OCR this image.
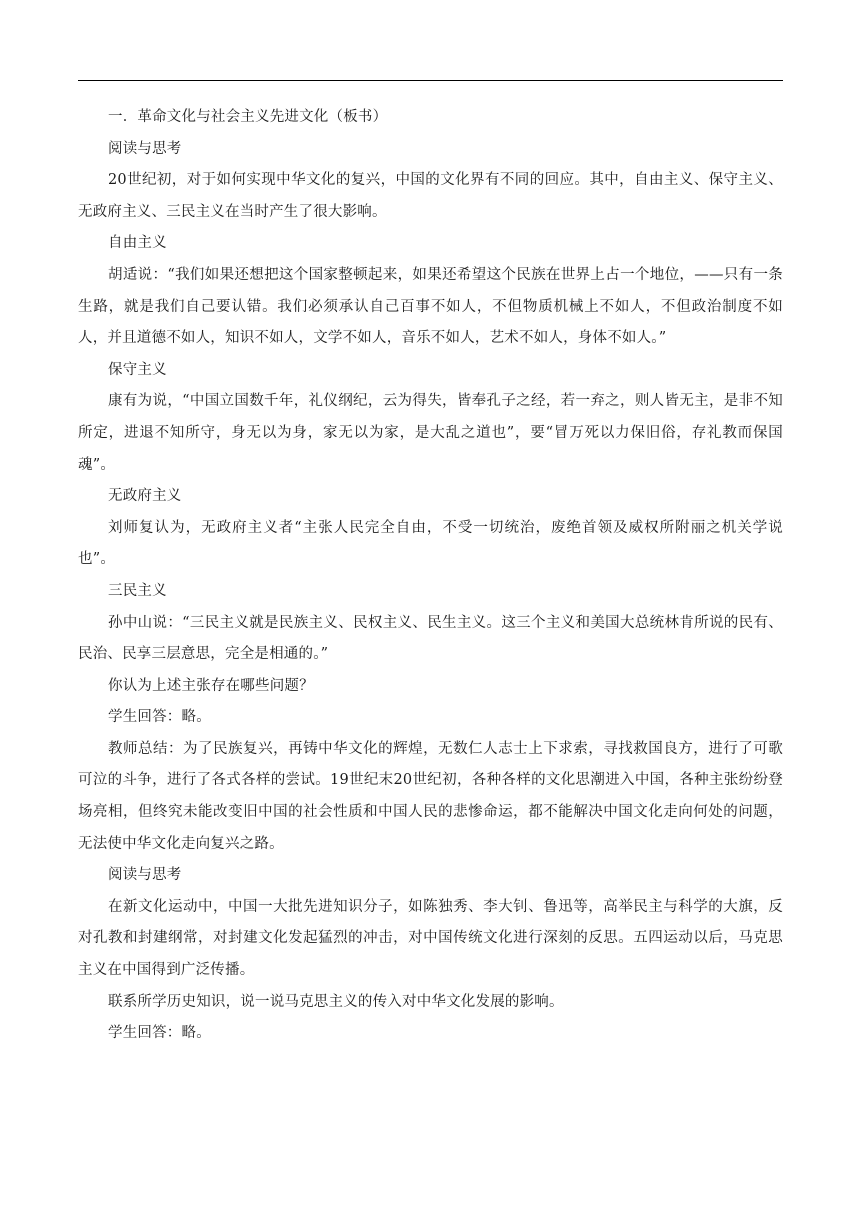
一．革命文化与社会主义先进文化（板书）

阅读与思考

20世纪初，对于如何实现中华文化的复兴，中国的文化界有不同的回应。其中，自由主义、保守主义、无政府主义、三民主义在当时产生了很大影响。

自由主义

胡适说：“我们如果还想把这个国家整顿起来，如果还希望这个民族在世界上占一个地位，——只有一条生路，就是我们自己要认错。我们必须承认自己百事不如人，不但物质机械上不如人，不但政治制度不如人，并且道德不如人，知识不如人，文学不如人，音乐不如人，艺术不如人，身体不如人。”

保守主义

康有为说，“中国立国数千年，礼仪纲纪，云为得失，皆奉孔子之经，若一弃之，则人皆无主，是非不知所定，进退不知所守，身无以为身，家无以为家，是大乱之道也”，要“冒万死以力保旧俗，存礼教而保国魂”。

无政府主义

刘师复认为，无政府主义者“主张人民完全自由，不受一切统治，废绝首领及威权所附丽之机关学说也”。

三民主义

孙中山说：“三民主义就是民族主义、民权主义、民生主义。这三个主义和美国大总统林肯所说的民有、民治、民享三层意思，完全是相通的。”

你认为上述主张存在哪些问题？

学生回答：略。

教师总结：为了民族复兴，再铸中华文化的辉煌，无数仁人志士上下求索，寻找救国良方，进行了可歌可泣的斗争，进行了各式各样的尝试。19世纪末20世纪初，各种各样的文化思潮进入中国，各种主张纷纷登场亮相，但终究未能改变旧中国的社会性质和中国人民的悲惨命运，都不能解决中国文化走向何处的问题，无法使中华文化走向复兴之路。

阅读与思考

在新文化运动中，中国一大批先进知识分子，如陈独秀、李大钊、鲁迅等，高举民主与科学的大旗，反对孔教和封建纲常，对封建文化发起猛烈的冲击，对中国传统文化进行深刻的反思。五四运动以后，马克思主义在中国得到广泛传播。

联系所学历史知识，说一说马克思主义的传入对中华文化发展的影响。

学生回答：略。
